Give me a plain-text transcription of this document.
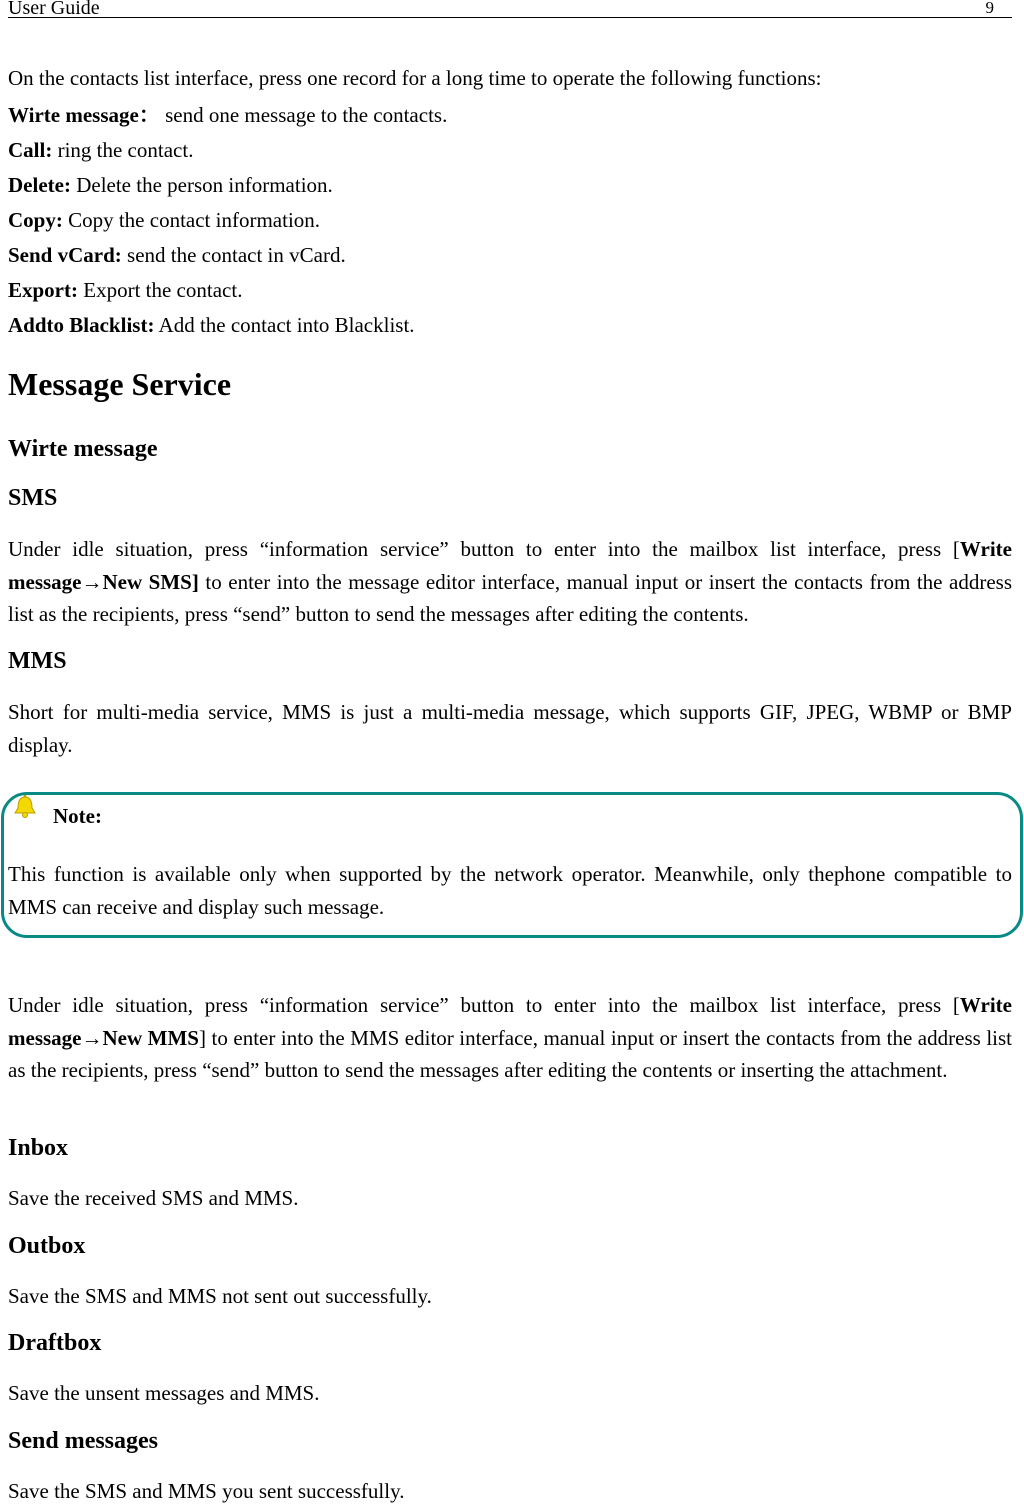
User Guide	9
On the contacts list interface, press one record for a long time to operate the following functions:
Wirte message： send one message to the contacts.
Call: ring the contact.
Delete: Delete the person information.
Copy: Copy the contact information.
Send vCard: send the contact in vCard.
Export: Export the contact.
Addto Blacklist: Add the contact into Blacklist.
Message Service
Wirte message
SMS
Under idle situation, press “information service” button to enter into the mailbox list interface, press [Write message→New SMS] to enter into the message editor interface, manual input or insert the contacts from the address list as the recipients, press “send” button to send the messages after editing the contents.
MMS
Short for multi-media service, MMS is just a multi-media message, which supports GIF, JPEG, WBMP or BMP display.
Note:
This function is available only when supported by the network operator. Meanwhile, only thephone compatible to MMS can receive and display such message.
Under idle situation, press “information service” button to enter into the mailbox list interface, press [Write message→New MMS] to enter into the MMS editor interface, manual input or insert the contacts from the address list as the recipients, press “send” button to send the messages after editing the contents or inserting the attachment.
Inbox
Save the received SMS and MMS.
Outbox
Save the SMS and MMS not sent out successfully.
Draftbox
Save the unsent messages and MMS.
Send messages
Save the SMS and MMS you sent successfully.
